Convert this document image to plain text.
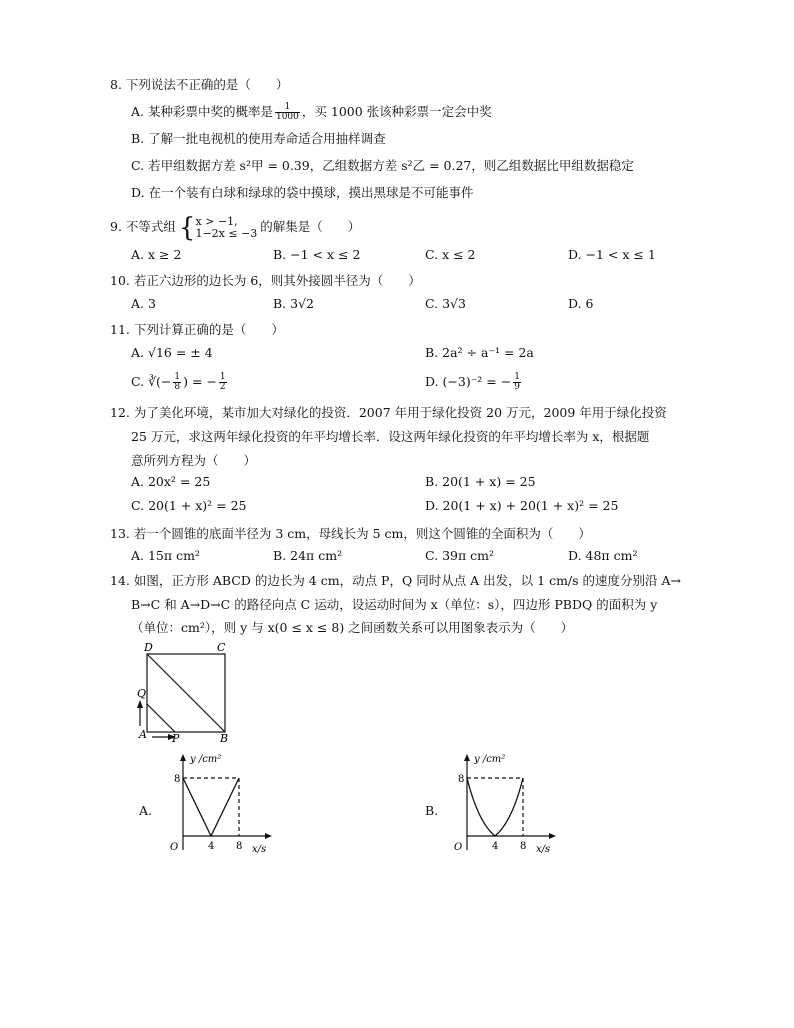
8. 下列说法不正确的是（　　）
A. 某种彩票中奖的概率是 $\frac{1}{1000}$ ，买 1000 张该种彩票一定会中奖
B. 了解一批电视机的使用寿命适合用抽样调查
C. 若甲组数据方差 s²甲 = 0.39，乙组数据方差 s²乙 = 0.27，则乙组数据比甲组数据稳定
D. 在一个装有白球和绿球的袋中摸球，摸出黑球是不可能事件
9. 不等式组 { x > −1,
1−2x ≤ −3 的解集是（　　）
A. x ≥ 2	B. −1 < x ≤ 2	C. x ≤ 2	D. −1 < x ≤ 1
10. 若正六边形的边长为 6，则其外接圆半径为（　　）
A. 3	B. 3√2	C. 3√3	D. 6
11. 下列计算正确的是（　　）
A. √16 = ± 4	B. 2a² ÷ a⁻¹ = 2a
C. ∛(− $\frac{1}{8}$ ) = − $\frac{1}{2}$	D. (−3)⁻² = − $\frac{1}{9}$
12. 为了美化环境，某市加大对绿化的投资．2007 年用于绿化投资 20 万元，2009 年用于绿化投资
25 万元，求这两年绿化投资的年平均增长率．设这两年绿化投资的年平均增长率为 x，根据题
意所列方程为（　　）
A. 20x² = 25	B. 20(1 + x) = 25
C. 20(1 + x)² = 25	D. 20(1 + x) + 20(1 + x)² = 25
13. 若一个圆锥的底面半径为 3 cm，母线长为 5 cm，则这个圆锥的全面积为（　　）
A. 15π cm²	B. 24π cm²	C. 39π cm²	D. 48π cm²
14. 如图，正方形 ABCD 的边长为 4 cm，动点 P，Q 同时从点 A 出发，以 1 cm/s 的速度分别沿 A→
B→C 和 A→D→C 的路径向点 C 运动，设运动时间为 x（单位：s），四边形 PBDQ 的面积为 y
（单位：cm²），则 y 与 x(0 ≤ x ≤ 8) 之间函数关系可以用图象表示为（　　）
D	C
Q
A P	B
A.
y /cm²
8
O	4 8 x/s
B.
y /cm²
8
O	4 8 x/s
